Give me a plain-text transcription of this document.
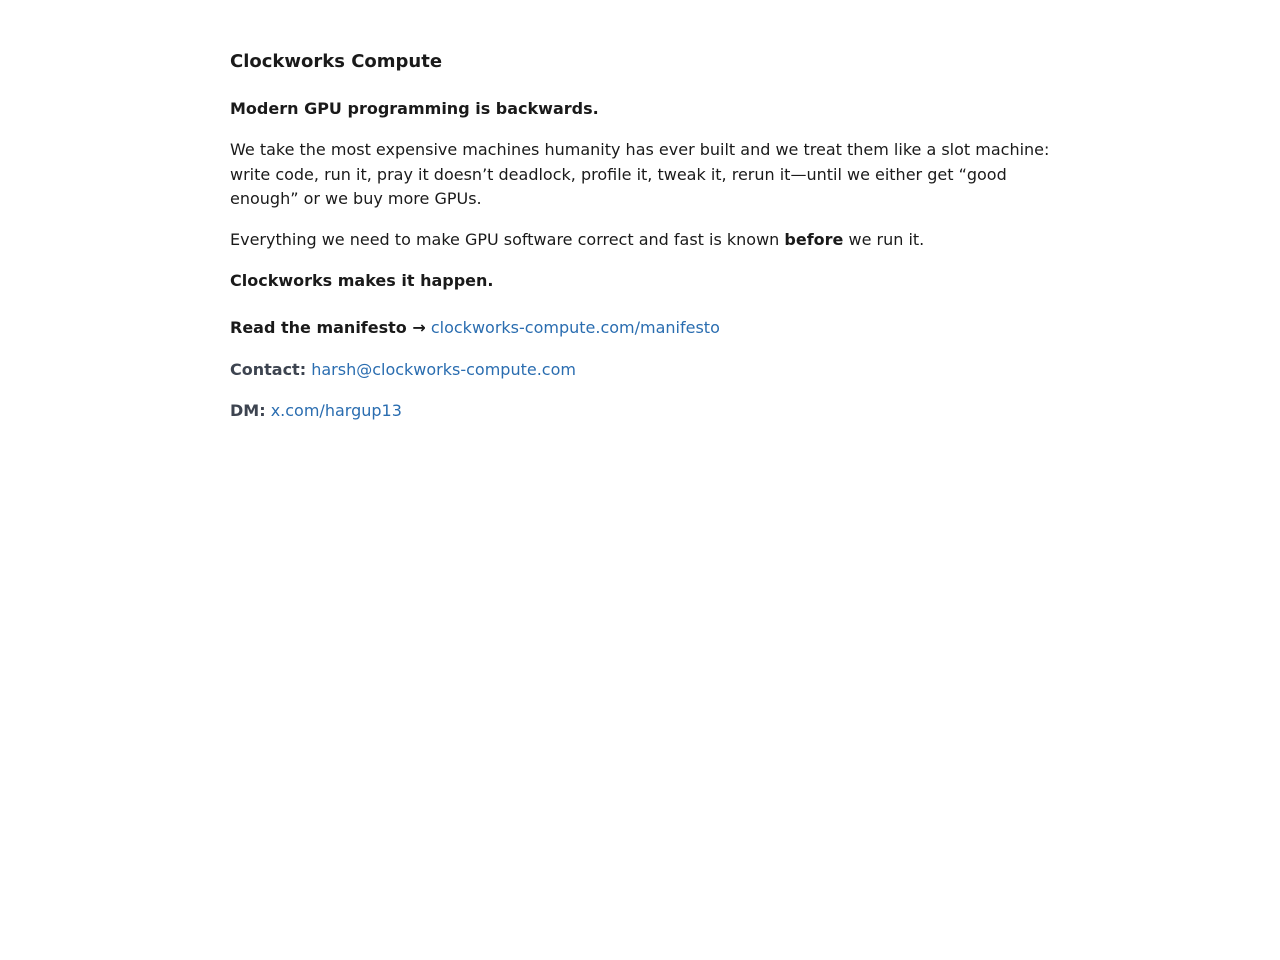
Clockworks Compute

Modern GPU programming is backwards.

We take the most expensive machines humanity has ever built and we treat them like a slot machine: write code, run it, pray it doesn’t deadlock, profile it, tweak it, rerun it—until we either get “good enough” or we buy more GPUs.

Everything we need to make GPU software correct and fast is known before we run it.

Clockworks makes it happen.

Read the manifesto → clockworks-compute.com/manifesto

Contact: harsh@clockworks-compute.com

DM: x.com/hargup13
